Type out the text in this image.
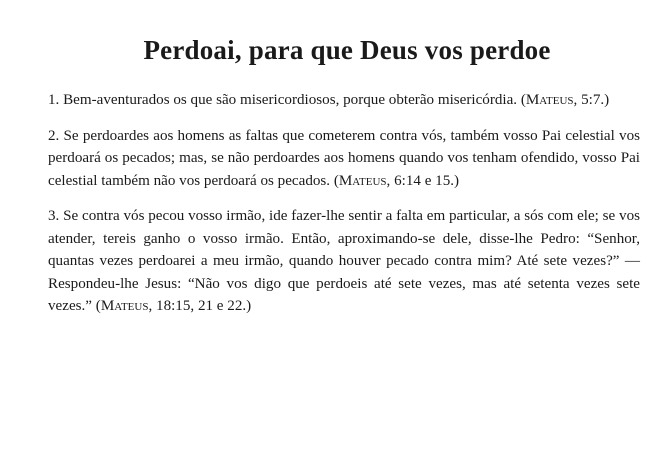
Perdoai, para que Deus vos perdoe

1. Bem-aventurados os que são misericordiosos, porque obterão misericórdia. (Mateus, 5:7.)

2. Se perdoardes aos homens as faltas que cometerem contra vós, também vosso Pai celestial vos perdoará os pecados; mas, se não perdoardes aos homens quando vos tenham ofendido, vosso Pai celestial também não vos perdoará os pecados. (Mateus, 6:14 e 15.)

3. Se contra vós pecou vosso irmão, ide fazer-lhe sentir a falta em particular, a sós com ele; se vos atender, tereis ganho o vosso irmão. Então, aproximando-se dele, disse-lhe Pedro: “Senhor, quantas vezes perdoarei a meu irmão, quando houver pecado contra mim? Até sete vezes?” — Respondeu-lhe Jesus: “Não vos digo que perdoeis até sete vezes, mas até setenta vezes sete vezes.” (Mateus, 18:15, 21 e 22.)
